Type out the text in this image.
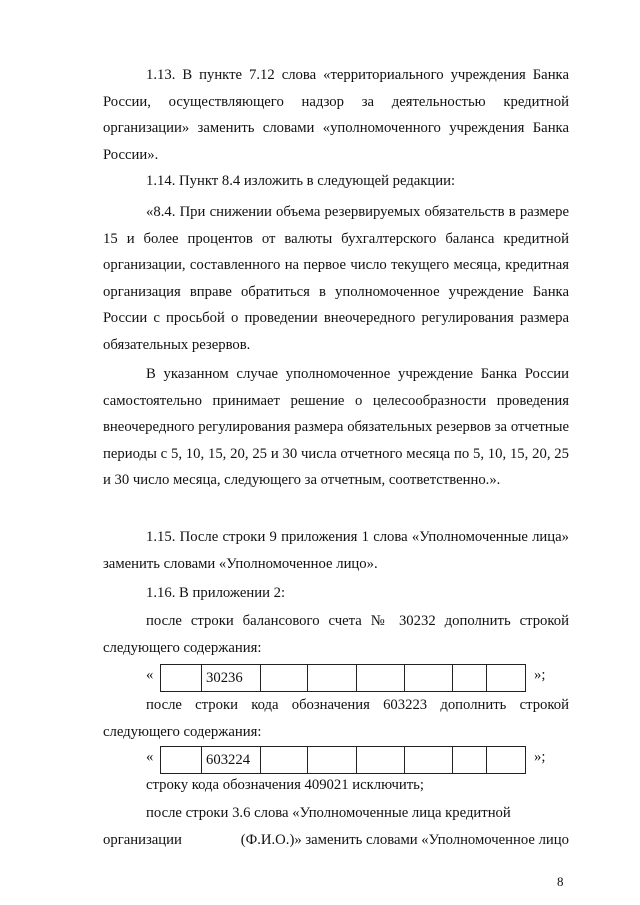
1.13. В пункте 7.12 слова «территориального учреждения Банка России, осуществляющего надзор за деятельностью кредитной организации» заменить словами «уполномоченного учреждения Банка России».

1.14. Пункт 8.4 изложить в следующей редакции:

«8.4. При снижении объема резервируемых обязательств в размере 15 и более процентов от валюты бухгалтерского баланса кредитной организации, составленного на первое число текущего месяца, кредитная организация вправе обратиться в уполномоченное учреждение Банка России с просьбой о проведении внеочередного регулирования размера обязательных резервов.

В указанном случае уполномоченное учреждение Банка России самостоятельно принимает решение о целесообразности проведения внеочередного регулирования размера обязательных резервов за отчетные периоды с 5, 10, 15, 20, 25 и 30 числа отчетного месяца по 5, 10, 15, 20, 25 и 30 число месяца, следующего за отчетным, соответственно.».

1.15. После строки 9 приложения 1 слова «Уполномоченные лица» заменить словами «Уполномоченное лицо».

1.16. В приложении 2:

после строки балансового счета № 30232 дополнить строкой следующего содержания:

«	30236	»;

после строки кода обозначения 603223 дополнить строкой следующего содержания:

«	603224	»;

строку кода обозначения 409021 исключить;

после строки 3.6 слова «Уполномоченные лица кредитной

организации	(Ф.И.О.)» заменить словами «Уполномоченное лицо
8
